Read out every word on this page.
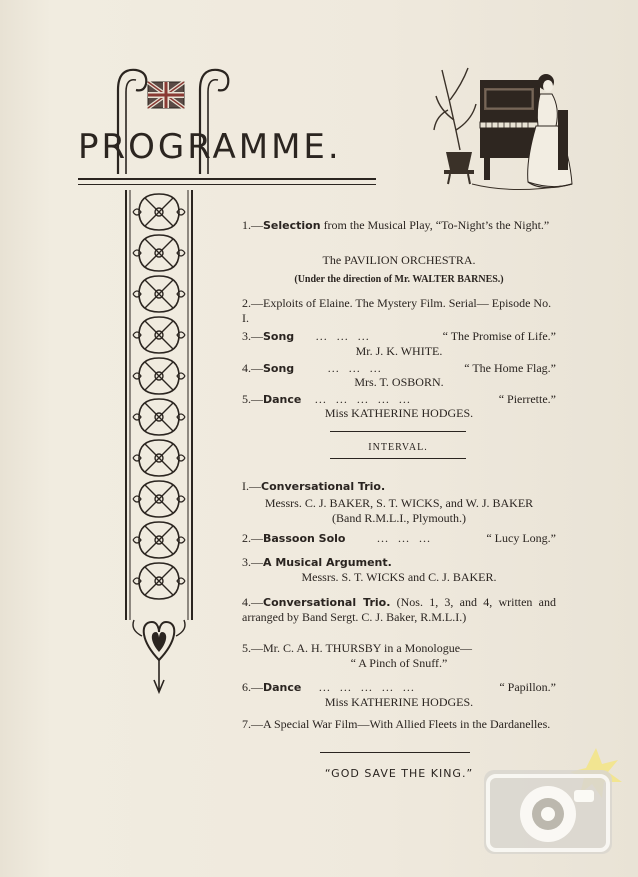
PROGRAMME.
1.—Selection from the Musical Play, “To-Night’s the Night.”
The PAVILION ORCHESTRA.
(Under the direction of Mr. WALTER BARNES.)
2.—Exploits of Elaine. The Mystery Film. Serial— Episode No. I.
3.—Song … … …	“ The Promise of Life.”
Mr. J. K. WHITE.
4.—Song	… … …	“ The Home Flag.”
Mrs. T. OSBORN.
5.—Dance … … … … …	“ Pierrette.”
Miss KATHERINE HODGES.
INTERVAL.
I.—Conversational Trio.
Messrs. C. J. BAKER, S. T. WICKS, and W. J. BAKER
(Band R.M.L.I., Plymouth.)
2.—Bassoon Solo	… … …	“ Lucy Long.”
3.—A Musical Argument.
Messrs. S. T. WICKS and C. J. BAKER.
4.—Conversational Trio. (Nos. 1, 3, and 4, written and arranged by Band Sergt. C. J. Baker, R.M.L.I.)
5.—Mr. C. A. H. THURSBY in a Monologue—
“ A Pinch of Snuff.”
6.—Dance … … … … …	“ Papillon.”
Miss KATHERINE HODGES.
7.—A Special War Film—With Allied Fleets in the Dardanelles.
“GOD SAVE THE KING.”
